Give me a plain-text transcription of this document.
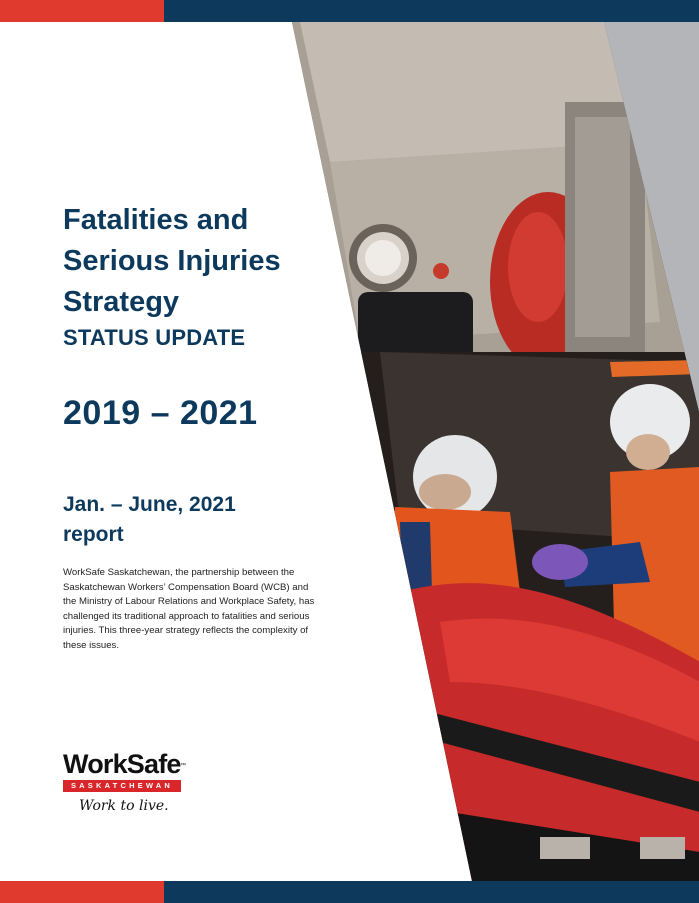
Fatalities and Serious Injuries Strategy
STATUS UPDATE
2019 – 2021
Jan. – June, 2021 report
WorkSafe Saskatchewan, the partnership between the Saskatchewan Workers’ Compensation Board (WCB) and the Ministry of Labour Relations and Workplace Safety, has challenged its traditional approach to fatalities and serious injuries. This three-year strategy reflects the complexity of these issues.
WorkSafe ™
SASKATCHEWAN
Work to live.
